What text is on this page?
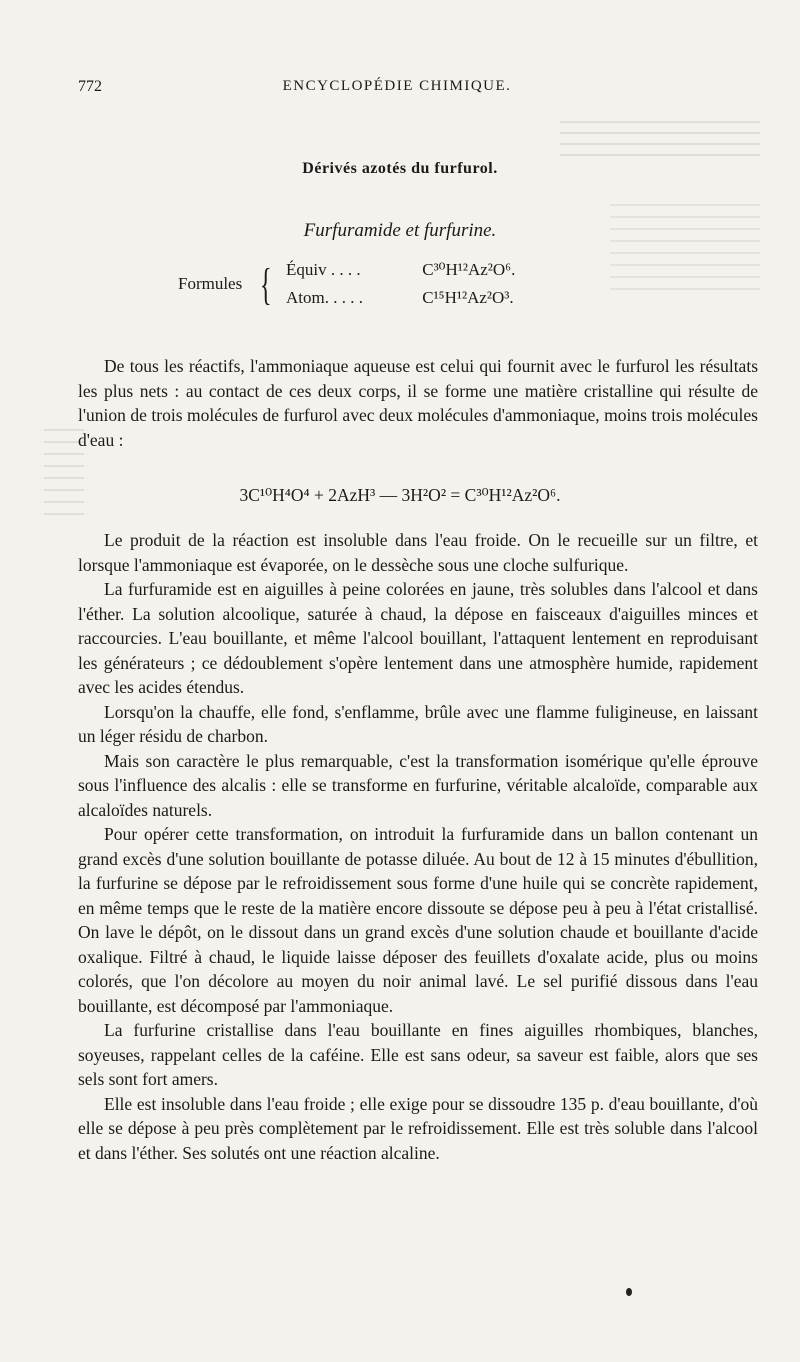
772	ENCYCLOPÉDIE CHIMIQUE.
Dérivés azotés du furfurol.
Furfuramide et furfurine.
Formules { Équiv . . . .	C³⁰H¹²Az²O⁶.
Atom. . . . .	C¹⁵H¹²Az²O³.

De tous les réactifs, l'ammoniaque aqueuse est celui qui fournit avec le furfurol les résultats les plus nets : au contact de ces deux corps, il se forme une matière cristalline qui résulte de l'union de trois molécules de furfurol avec deux molécules d'ammoniaque, moins trois molécules d'eau :

3C¹⁰H⁴O⁴ + 2AzH³ — 3H²O² = C³⁰H¹²Az²O⁶.

Le produit de la réaction est insoluble dans l'eau froide. On le recueille sur un filtre, et lorsque l'ammoniaque est évaporée, on le dessèche sous une cloche sulfurique.

La furfuramide est en aiguilles à peine colorées en jaune, très solubles dans l'alcool et dans l'éther. La solution alcoolique, saturée à chaud, la dépose en faisceaux d'aiguilles minces et raccourcies. L'eau bouillante, et même l'alcool bouillant, l'attaquent lentement en reproduisant les générateurs ; ce dédoublement s'opère lentement dans une atmosphère humide, rapidement avec les acides étendus.

Lorsqu'on la chauffe, elle fond, s'enflamme, brûle avec une flamme fuligineuse, en laissant un léger résidu de charbon.

Mais son caractère le plus remarquable, c'est la transformation isomérique qu'elle éprouve sous l'influence des alcalis : elle se transforme en furfurine, véritable alcaloïde, comparable aux alcaloïdes naturels.

Pour opérer cette transformation, on introduit la furfuramide dans un ballon contenant un grand excès d'une solution bouillante de potasse diluée. Au bout de 12 à 15 minutes d'ébullition, la furfurine se dépose par le refroidissement sous forme d'une huile qui se concrète rapidement, en même temps que le reste de la matière encore dissoute se dépose peu à peu à l'état cristallisé. On lave le dépôt, on le dissout dans un grand excès d'une solution chaude et bouillante d'acide oxalique. Filtré à chaud, le liquide laisse déposer des feuillets d'oxalate acide, plus ou moins colorés, que l'on décolore au moyen du noir animal lavé. Le sel purifié dissous dans l'eau bouillante, est décomposé par l'ammoniaque.

La furfurine cristallise dans l'eau bouillante en fines aiguilles rhombiques, blanches, soyeuses, rappelant celles de la caféine. Elle est sans odeur, sa saveur est faible, alors que ses sels sont fort amers.

Elle est insoluble dans l'eau froide ; elle exige pour se dissoudre 135 p. d'eau bouillante, d'où elle se dépose à peu près complètement par le refroidissement. Elle est très soluble dans l'alcool et dans l'éther. Ses solutés ont une réaction alcaline.
